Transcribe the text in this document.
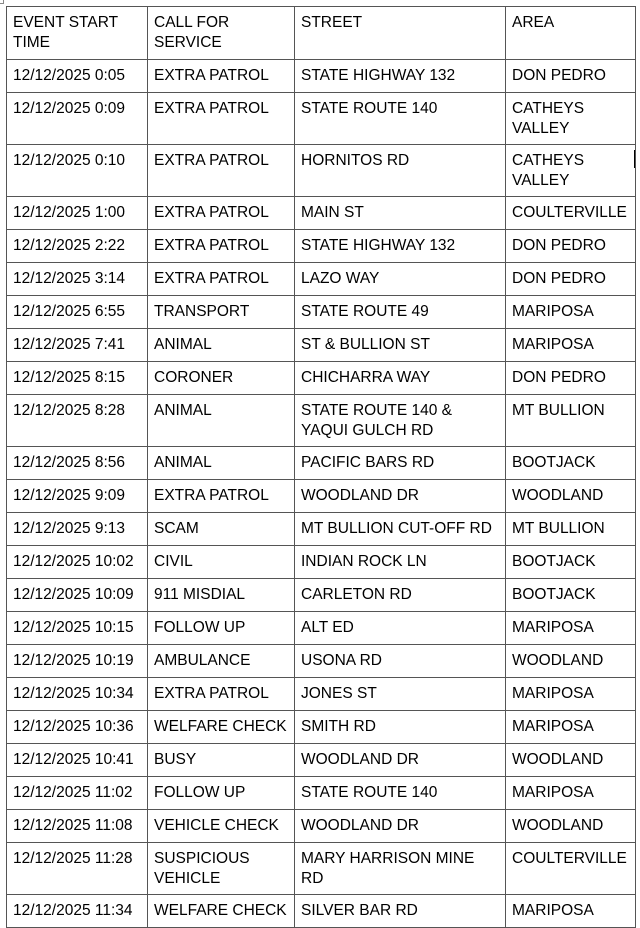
EVENT START TIME	CALL FOR SERVICE	STREET	AREA
12/12/2025 0:05	EXTRA PATROL	STATE HIGHWAY 132	DON PEDRO
12/12/2025 0:09	EXTRA PATROL	STATE ROUTE 140	CATHEYS VALLEY
12/12/2025 0:10	EXTRA PATROL	HORNITOS RD	CATHEYS VALLEY
12/12/2025 1:00	EXTRA PATROL	MAIN ST	COULTERVILLE
12/12/2025 2:22	EXTRA PATROL	STATE HIGHWAY 132	DON PEDRO
12/12/2025 3:14	EXTRA PATROL	LAZO WAY	DON PEDRO
12/12/2025 6:55	TRANSPORT	STATE ROUTE 49	MARIPOSA
12/12/2025 7:41	ANIMAL	ST & BULLION ST	MARIPOSA
12/12/2025 8:15	CORONER	CHICHARRA WAY	DON PEDRO
12/12/2025 8:28	ANIMAL	STATE ROUTE 140 & YAQUI GULCH RD	MT BULLION
12/12/2025 8:56	ANIMAL	PACIFIC BARS RD	BOOTJACK
12/12/2025 9:09	EXTRA PATROL	WOODLAND DR	WOODLAND
12/12/2025 9:13	SCAM	MT BULLION CUT-OFF RD	MT BULLION
12/12/2025 10:02	CIVIL	INDIAN ROCK LN	BOOTJACK
12/12/2025 10:09	911 MISDIAL	CARLETON RD	BOOTJACK
12/12/2025 10:15	FOLLOW UP	ALT ED	MARIPOSA
12/12/2025 10:19	AMBULANCE	USONA RD	WOODLAND
12/12/2025 10:34	EXTRA PATROL	JONES ST	MARIPOSA
12/12/2025 10:36	WELFARE CHECK	SMITH RD	MARIPOSA
12/12/2025 10:41	BUSY	WOODLAND DR	WOODLAND
12/12/2025 11:02	FOLLOW UP	STATE ROUTE 140	MARIPOSA
12/12/2025 11:08	VEHICLE CHECK	WOODLAND DR	WOODLAND
12/12/2025 11:28	SUSPICIOUS VEHICLE	MARY HARRISON MINE RD	COULTERVILLE
12/12/2025 11:34	WELFARE CHECK	SILVER BAR RD	MARIPOSA
